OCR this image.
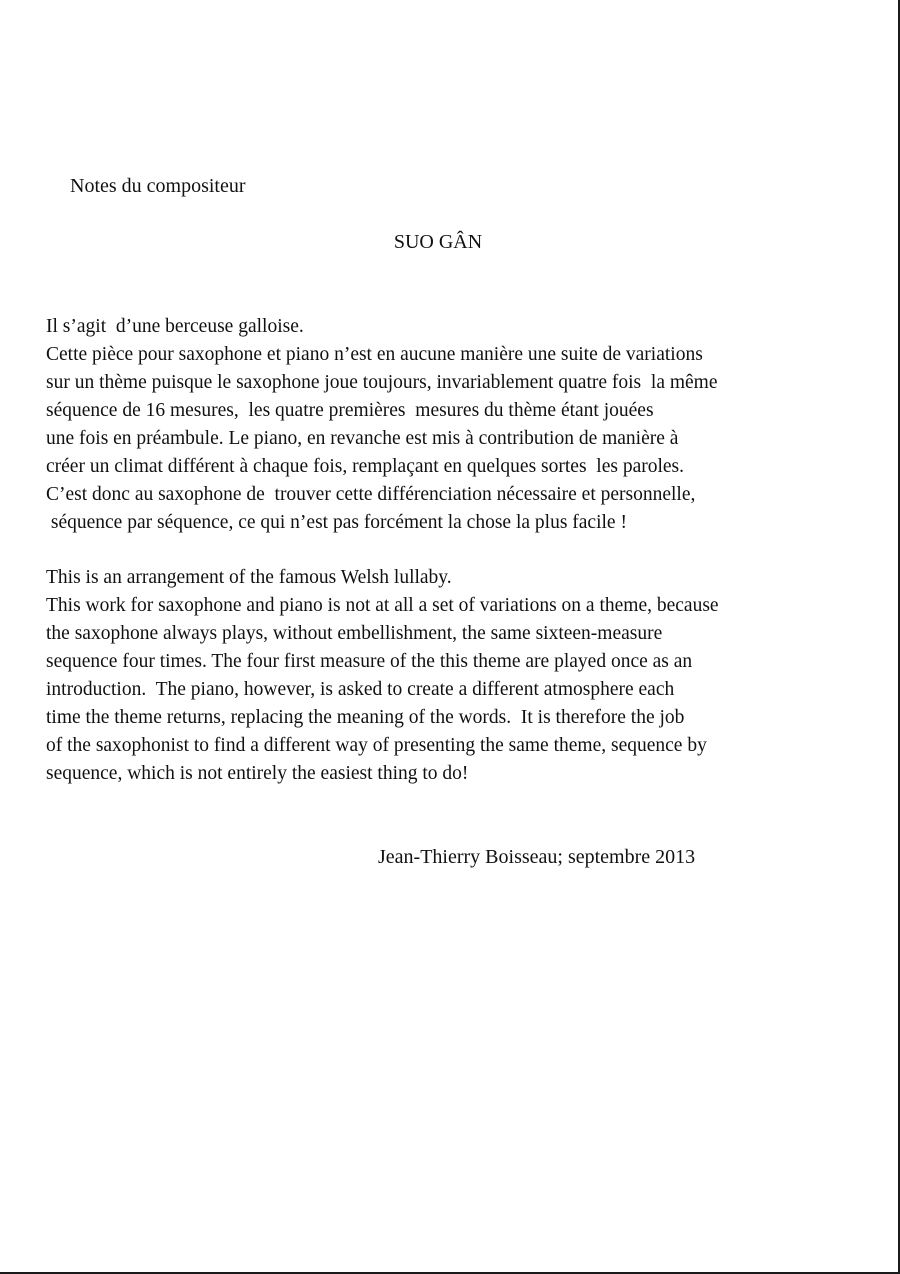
Notes du compositeur
SUO GÂN
Il s’agit  d’une berceuse galloise.
Cette pièce pour saxophone et piano n’est en aucune manière une suite de variations
sur un thème puisque le saxophone joue toujours, invariablement quatre fois  la même
séquence de 16 mesures,  les quatre premières  mesures du thème étant jouées
une fois en préambule. Le piano, en revanche est mis à contribution de manière à
créer un climat différent à chaque fois, remplaçant en quelques sortes  les paroles.
C’est donc au saxophone de  trouver cette différenciation nécessaire et personnelle,
séquence par séquence, ce qui n’est pas forcément la chose la plus facile !
This is an arrangement of the famous Welsh lullaby.
This work for saxophone and piano is not at all a set of variations on a theme, because
the saxophone always plays, without embellishment, the same sixteen-measure
sequence four times. The four first measure of the this theme are played once as an
introduction.  The piano, however, is asked to create a different atmosphere each
time the theme returns, replacing the meaning of the words.  It is therefore the job
of the saxophonist to find a different way of presenting the same theme, sequence by
sequence, which is not entirely the easiest thing to do!
Jean-Thierry Boisseau; septembre 2013
